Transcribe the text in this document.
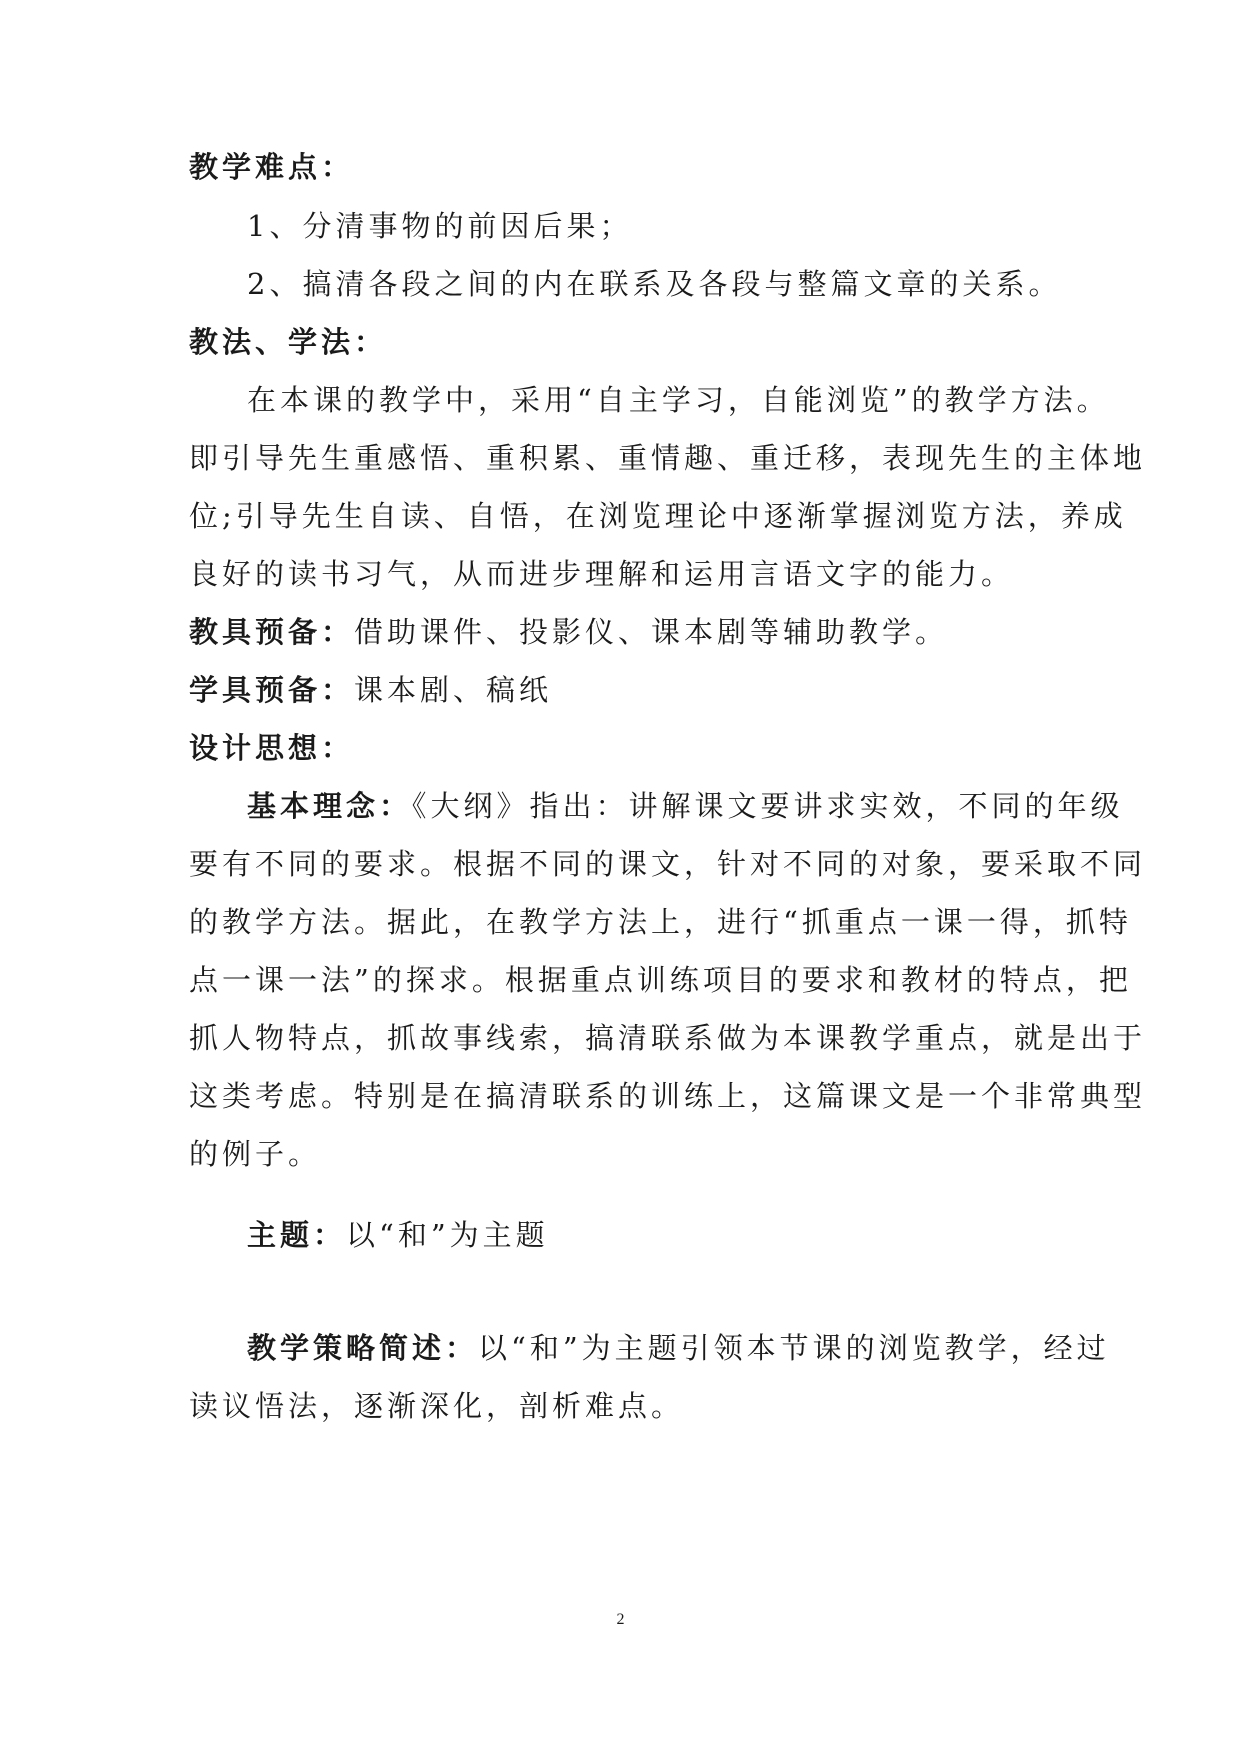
教学难点：
1、分清事物的前因后果；
2、搞清各段之间的内在联系及各段与整篇文章的关系。
教法、学法：
在本课的教学中，采用“自主学习，自能浏览”的教学方法。
即引导先生重感悟、重积累、重情趣、重迁移，表现先生的主体地
位;引导先生自读、自悟，在浏览理论中逐渐掌握浏览方法，养成
良好的读书习气，从而进步理解和运用言语文字的能力。
教具预备：借助课件、投影仪、课本剧等辅助教学。
学具预备：课本剧、稿纸
设计思想：
基本理念：《大纲》指出：讲解课文要讲求实效，不同的年级
要有不同的要求。根据不同的课文，针对不同的对象，要采取不同
的教学方法。据此，在教学方法上，进行“抓重点一课一得，抓特
点一课一法”的探求。根据重点训练项目的要求和教材的特点，把
抓人物特点，抓故事线索，搞清联系做为本课教学重点，就是出于
这类考虑。特别是在搞清联系的训练上，这篇课文是一个非常典型
的例子。
主题：以“和”为主题
教学策略简述：以“和”为主题引领本节课的浏览教学，经过
读议悟法，逐渐深化，剖析难点。
2
